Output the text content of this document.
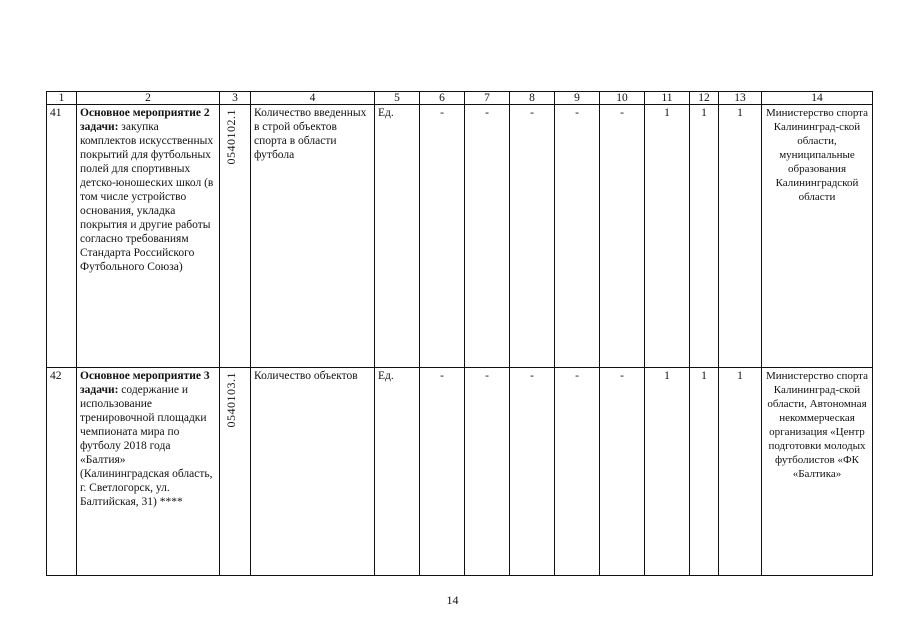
1	2	3	4	5	6	7	8	9	10	11	12	13	14
41	Основное мероприятие 2 задачи: закупка комплектов искусственных покрытий для футбольных полей для спортивных детско-юношеских школ (в том числе устройство основания, укладка покрытия и другие работы согласно требованиям Стандарта Российского Футбольного Союза)	0540102.1	Количество введенных в строй объектов спорта в области футбола	Ед.	-	-	-	-	-	1	1	1	Министерство спорта Калининград-ской области, муниципальные образования Калининградской области
42	Основное мероприятие 3 задачи: содержание и использование тренировочной площадки чемпионата мира по футболу 2018 года «Балтия» (Калининградская область, г. Светлогорск, ул. Балтийская, 31) ****	0540103.1	Количество объектов	Ед.	-	-	-	-	-	1	1	1	Министерство спорта Калининград-ской области, Автономная некоммерческая организация «Центр подготовки молодых футболистов «ФК «Балтика»
14
